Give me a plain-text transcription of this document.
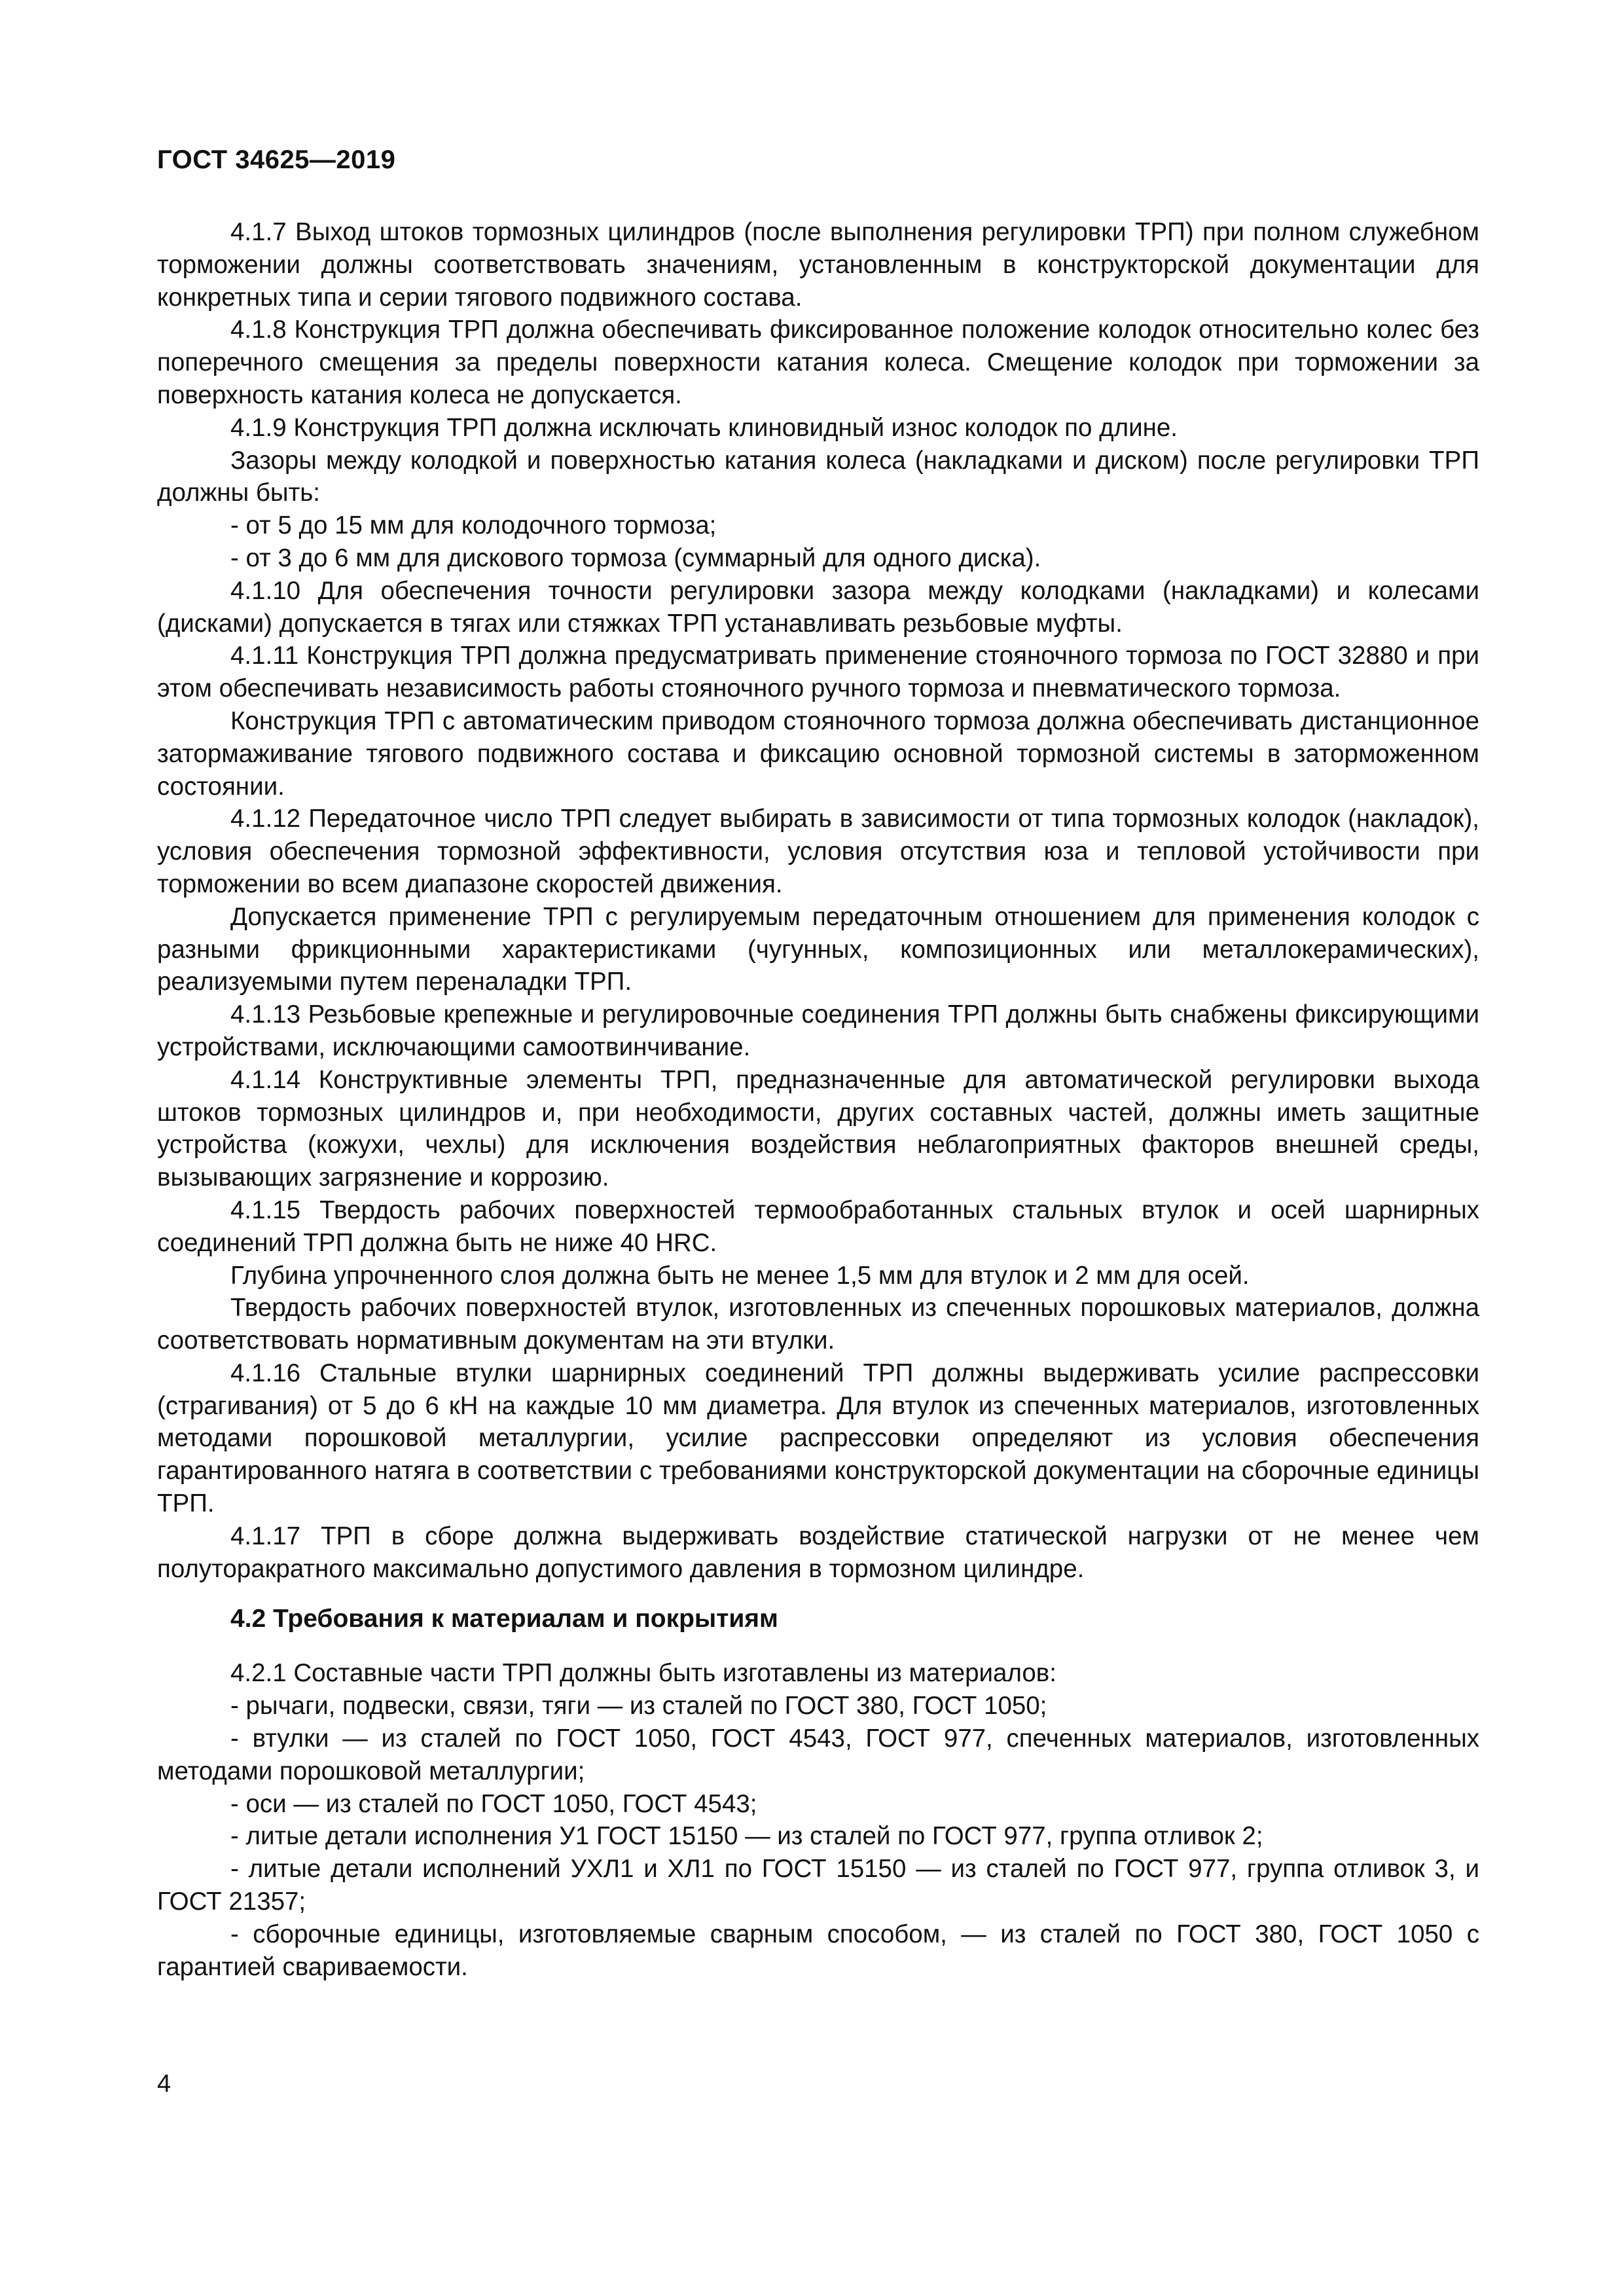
ГОСТ 34625—2019

4.1.7 Выход штоков тормозных цилиндров (после выполнения регулировки ТРП) при полном служебном торможении должны соответствовать значениям, установленным в конструкторской документации для конкретных типа и серии тягового подвижного состава.

4.1.8 Конструкция ТРП должна обеспечивать фиксированное положение колодок относительно колес без поперечного смещения за пределы поверхности катания колеса. Смещение колодок при торможении за поверхность катания колеса не допускается.

4.1.9 Конструкция ТРП должна исключать клиновидный износ колодок по длине.

Зазоры между колодкой и поверхностью катания колеса (накладками и диском) после регулировки ТРП должны быть:

- от 5 до 15 мм для колодочного тормоза;

- от 3 до 6 мм для дискового тормоза (суммарный для одного диска).

4.1.10 Для обеспечения точности регулировки зазора между колодками (накладками) и колесами (дисками) допускается в тягах или стяжках ТРП устанавливать резьбовые муфты.

4.1.11 Конструкция ТРП должна предусматривать применение стояночного тормоза по ГОСТ 32880 и при этом обеспечивать независимость работы стояночного ручного тормоза и пневматического тормоза.

Конструкция ТРП с автоматическим приводом стояночного тормоза должна обеспечивать дистанционное затормаживание тягового подвижного состава и фиксацию основной тормозной системы в заторможенном состоянии.

4.1.12 Передаточное число ТРП следует выбирать в зависимости от типа тормозных колодок (накладок), условия обеспечения тормозной эффективности, условия отсутствия юза и тепловой устойчивости при торможении во всем диапазоне скоростей движения.

Допускается применение ТРП с регулируемым передаточным отношением для применения колодок с разными фрикционными характеристиками (чугунных, композиционных или металлокерамических), реализуемыми путем переналадки ТРП.

4.1.13 Резьбовые крепежные и регулировочные соединения ТРП должны быть снабжены фиксирующими устройствами, исключающими самоотвинчивание.

4.1.14 Конструктивные элементы ТРП, предназначенные для автоматической регулировки выхода штоков тормозных цилиндров и, при необходимости, других составных частей, должны иметь защитные устройства (кожухи, чехлы) для исключения воздействия неблагоприятных факторов внешней среды, вызывающих загрязнение и коррозию.

4.1.15 Твердость рабочих поверхностей термообработанных стальных втулок и осей шарнирных соединений ТРП должна быть не ниже 40 HRC.

Глубина упрочненного слоя должна быть не менее 1,5 мм для втулок и 2 мм для осей.

Твердость рабочих поверхностей втулок, изготовленных из спеченных порошковых материалов, должна соответствовать нормативным документам на эти втулки.

4.1.16 Стальные втулки шарнирных соединений ТРП должны выдерживать усилие распрессовки (страгивания) от 5 до 6 кН на каждые 10 мм диаметра. Для втулок из спеченных материалов, изготовленных методами порошковой металлургии, усилие распрессовки определяют из условия обеспечения гарантированного натяга в соответствии с требованиями конструкторской документации на сборочные единицы ТРП.

4.1.17 ТРП в сборе должна выдерживать воздействие статической нагрузки от не менее чем полуторакратного максимально допустимого давления в тормозном цилиндре.

4.2 Требования к материалам и покрытиям

4.2.1 Составные части ТРП должны быть изготавлены из материалов:

- рычаги, подвески, связи, тяги — из сталей по ГОСТ 380, ГОСТ 1050;

- втулки — из сталей по ГОСТ 1050, ГОСТ 4543, ГОСТ 977, спеченных материалов, изготовленных методами порошковой металлургии;

- оси — из сталей по ГОСТ 1050, ГОСТ 4543;

- литые детали исполнения У1 ГОСТ 15150 — из сталей по ГОСТ 977, группа отливок 2;

- литые детали исполнений УХЛ1 и ХЛ1 по ГОСТ 15150 — из сталей по ГОСТ 977, группа отливок 3, и ГОСТ 21357;

- сборочные единицы, изготовляемые сварным способом, — из сталей по ГОСТ 380, ГОСТ 1050 с гарантией свариваемости.

4
